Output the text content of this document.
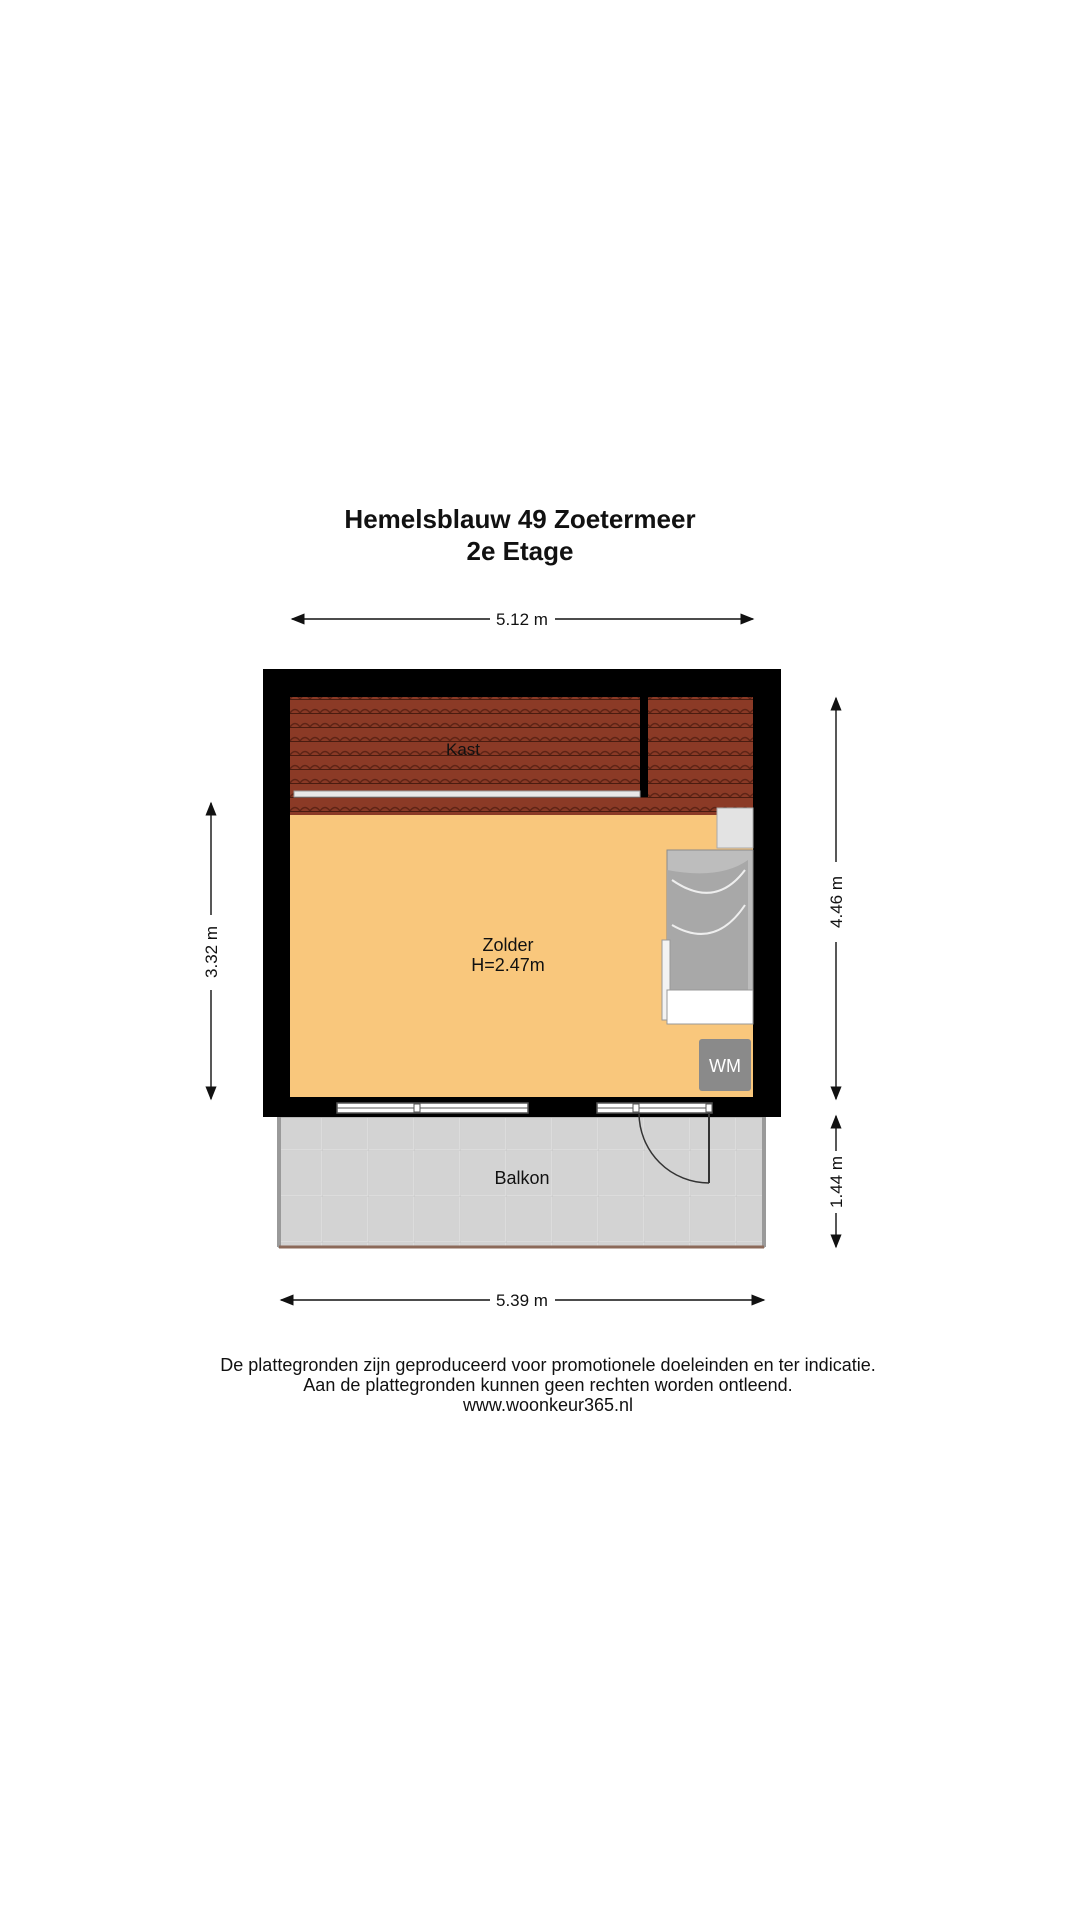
Hemelsblauw 49 Zoetermeer
2e Etage
5.12 m
3.32 m
4.46 m
1.44 m
5.39 m
Kast
Zolder
H=2.47m
WM
Balkon
De plattegronden zijn geproduceerd voor promotionele doeleinden en ter indicatie.
Aan de plattegronden kunnen geen rechten worden ontleend.
www.woonkeur365.nl
